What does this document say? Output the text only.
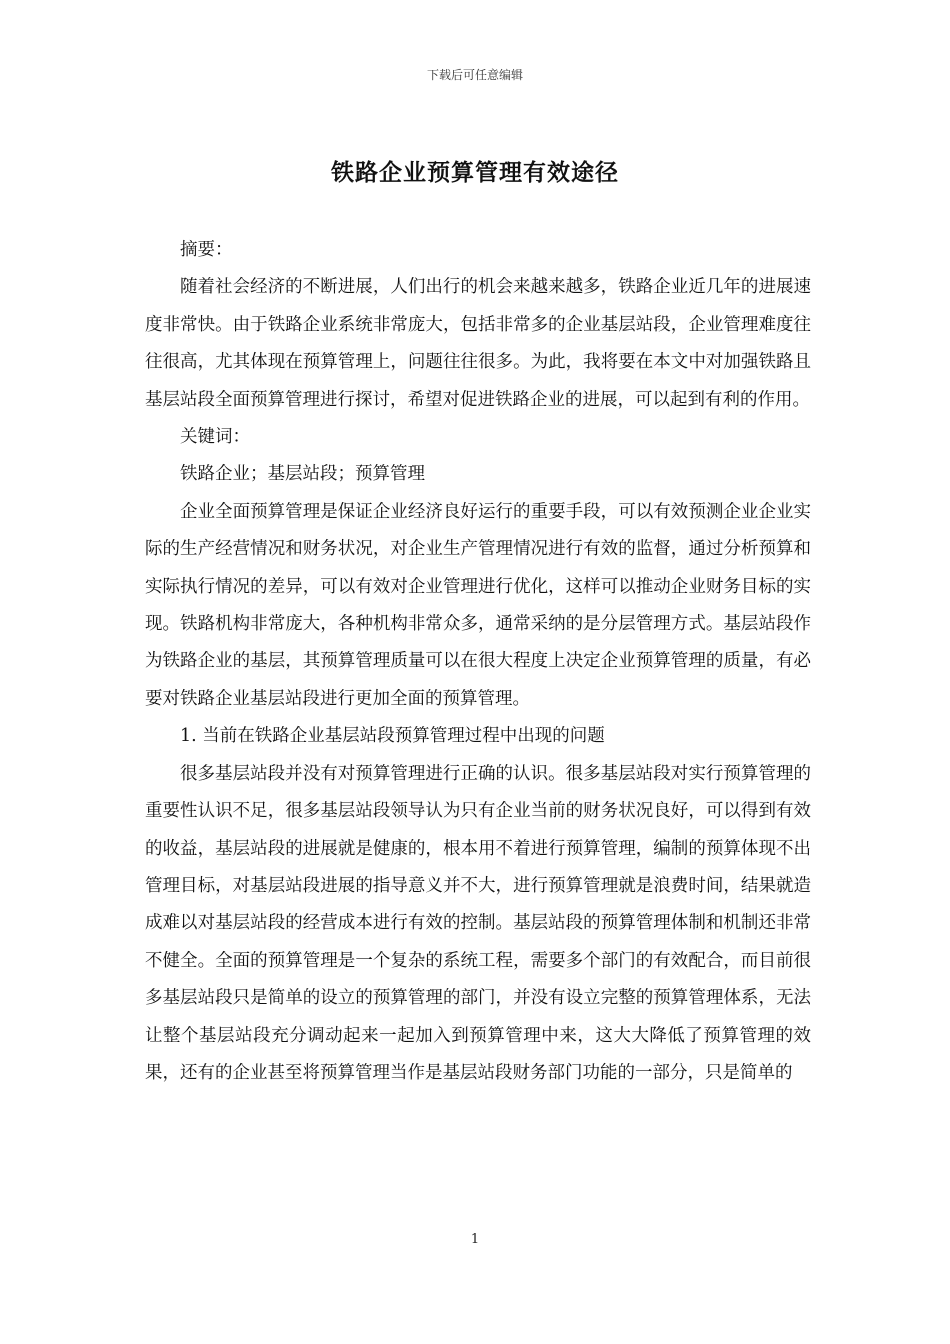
下载后可任意编辑
铁路企业预算管理有效途径

摘要：

随着社会经济的不断进展，人们出行的机会来越来越多，铁路企业近几年的进展速度非常快。由于铁路企业系统非常庞大，包括非常多的企业基层站段，企业管理难度往往很高，尤其体现在预算管理上，问题往往很多。为此，我将要在本文中对加强铁路且基层站段全面预算管理进行探讨，希望对促进铁路企业的进展，可以起到有利的作用。

关键词：

铁路企业；基层站段；预算管理

企业全面预算管理是保证企业经济良好运行的重要手段，可以有效预测企业企业实际的生产经营情况和财务状况，对企业生产管理情况进行有效的监督，通过分析预算和实际执行情况的差异，可以有效对企业管理进行优化，这样可以推动企业财务目标的实现。铁路机构非常庞大，各种机构非常众多，通常采纳的是分层管理方式。基层站段作为铁路企业的基层，其预算管理质量可以在很大程度上决定企业预算管理的质量，有必要对铁路企业基层站段进行更加全面的预算管理。

1. 当前在铁路企业基层站段预算管理过程中出现的问题

很多基层站段并没有对预算管理进行正确的认识。很多基层站段对实行预算管理的重要性认识不足，很多基层站段领导认为只有企业当前的财务状况良好，可以得到有效的收益，基层站段的进展就是健康的，根本用不着进行预算管理，编制的预算体现不出管理目标，对基层站段进展的指导意义并不大，进行预算管理就是浪费时间，结果就造成难以对基层站段的经营成本进行有效的控制。基层站段的预算管理体制和机制还非常不健全。全面的预算管理是一个复杂的系统工程，需要多个部门的有效配合，而目前很多基层站段只是简单的设立的预算管理的部门，并没有设立完整的预算管理体系，无法让整个基层站段充分调动起来一起加入到预算管理中来，这大大降低了预算管理的效果，还有的企业甚至将预算管理当作是基层站段财务部门功能的一部分，只是简单的

1
